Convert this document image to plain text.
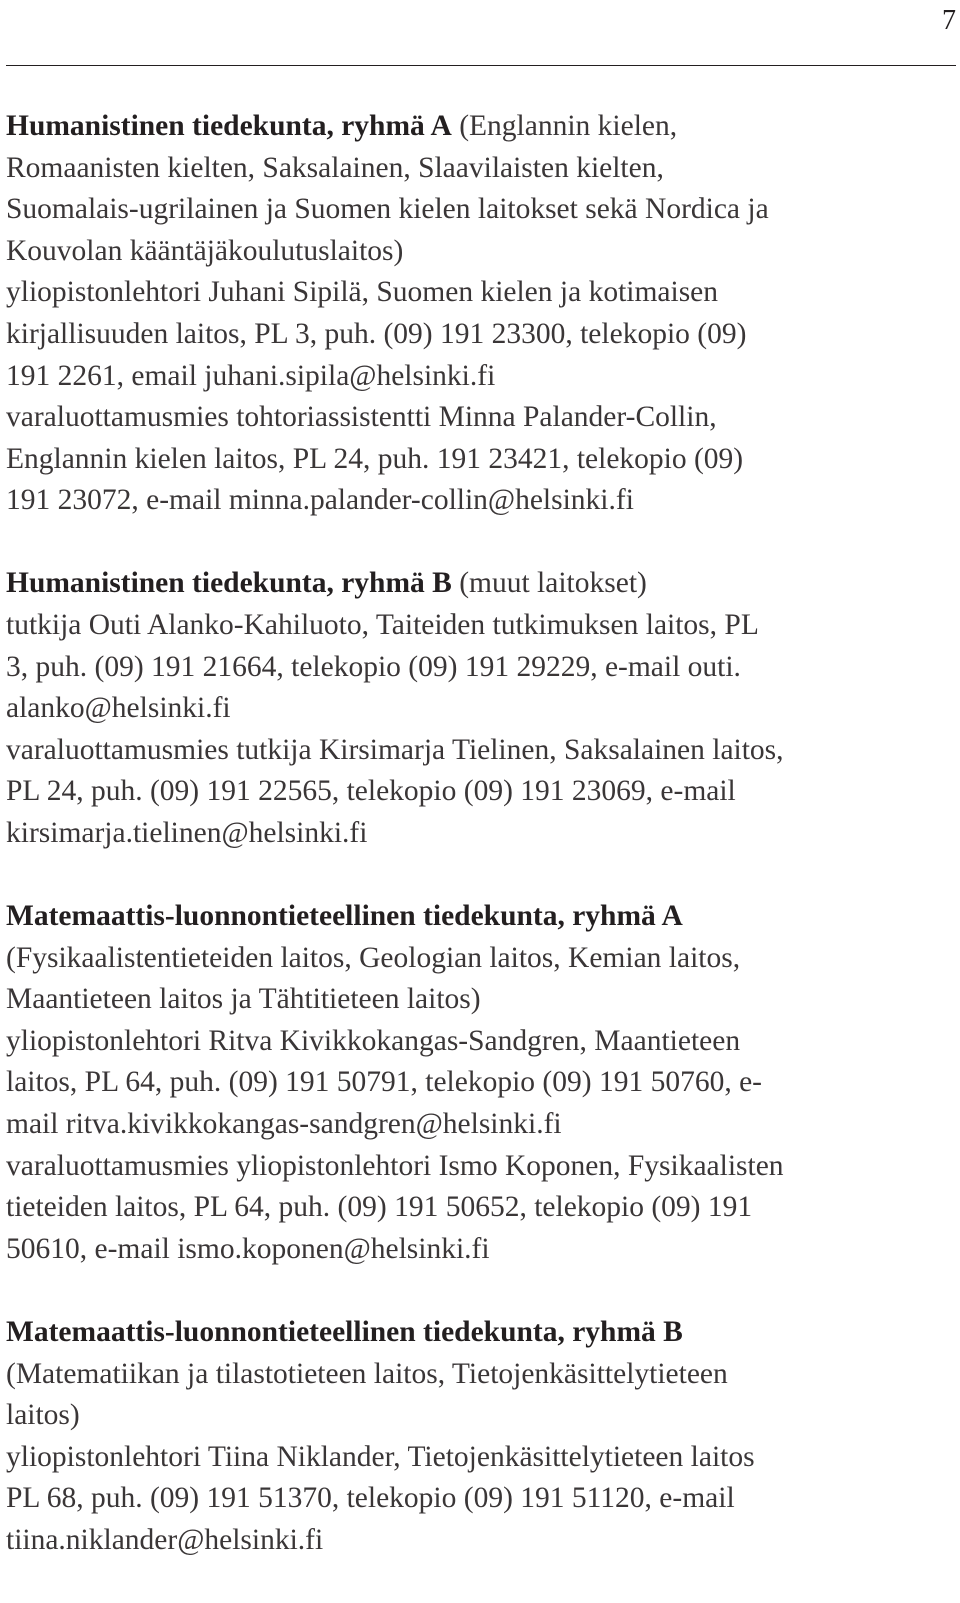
7

Humanistinen tiedekunta, ryhmä A (Englannin kielen,

Romaanisten kielten, Saksalainen, Slaavilaisten kielten,

Suomalais-ugrilainen ja Suomen kielen laitokset sekä Nordica ja

Kouvolan kääntäjäkoulutuslaitos)

yliopistonlehtori Juhani Sipilä, Suomen kielen ja kotimaisen

kirjallisuuden laitos, PL 3, puh. (09) 191 23300, telekopio (09)

191 2261, email juhani.sipila@helsinki.fi

varaluottamusmies tohtoriassistentti Minna Palander-Collin,

Englannin kielen laitos, PL 24, puh. 191 23421, telekopio (09)

191 23072, e-mail minna.palander-collin@helsinki.fi

Humanistinen tiedekunta, ryhmä B (muut laitokset)

tutkija Outi Alanko-Kahiluoto, Taiteiden tutkimuksen laitos, PL

3, puh. (09) 191 21664, telekopio (09) 191 29229, e-mail outi.

alanko@helsinki.fi

varaluottamusmies tutkija Kirsimarja Tielinen, Saksalainen laitos,

PL 24, puh. (09) 191 22565, telekopio (09) 191 23069, e-mail

kirsimarja.tielinen@helsinki.fi

Matemaattis-luonnontieteellinen tiedekunta, ryhmä A

(Fysikaalistentieteiden laitos, Geologian laitos, Kemian laitos,

Maantieteen laitos ja Tähtitieteen laitos)

yliopistonlehtori Ritva Kivikkokangas-Sandgren, Maantieteen

laitos, PL 64, puh. (09) 191 50791, telekopio (09) 191 50760, e-

mail ritva.kivikkokangas-sandgren@helsinki.fi

varaluottamusmies yliopistonlehtori Ismo Koponen, Fysikaalisten

tieteiden laitos, PL 64, puh. (09) 191 50652, telekopio (09) 191

50610, e-mail ismo.koponen@helsinki.fi

Matemaattis-luonnontieteellinen tiedekunta, ryhmä B

(Matematiikan ja tilastotieteen laitos, Tietojenkäsittelytieteen

laitos)

yliopistonlehtori Tiina Niklander, Tietojenkäsittelytieteen laitos

PL 68, puh. (09) 191 51370, telekopio (09) 191 51120, e-mail

tiina.niklander@helsinki.fi
